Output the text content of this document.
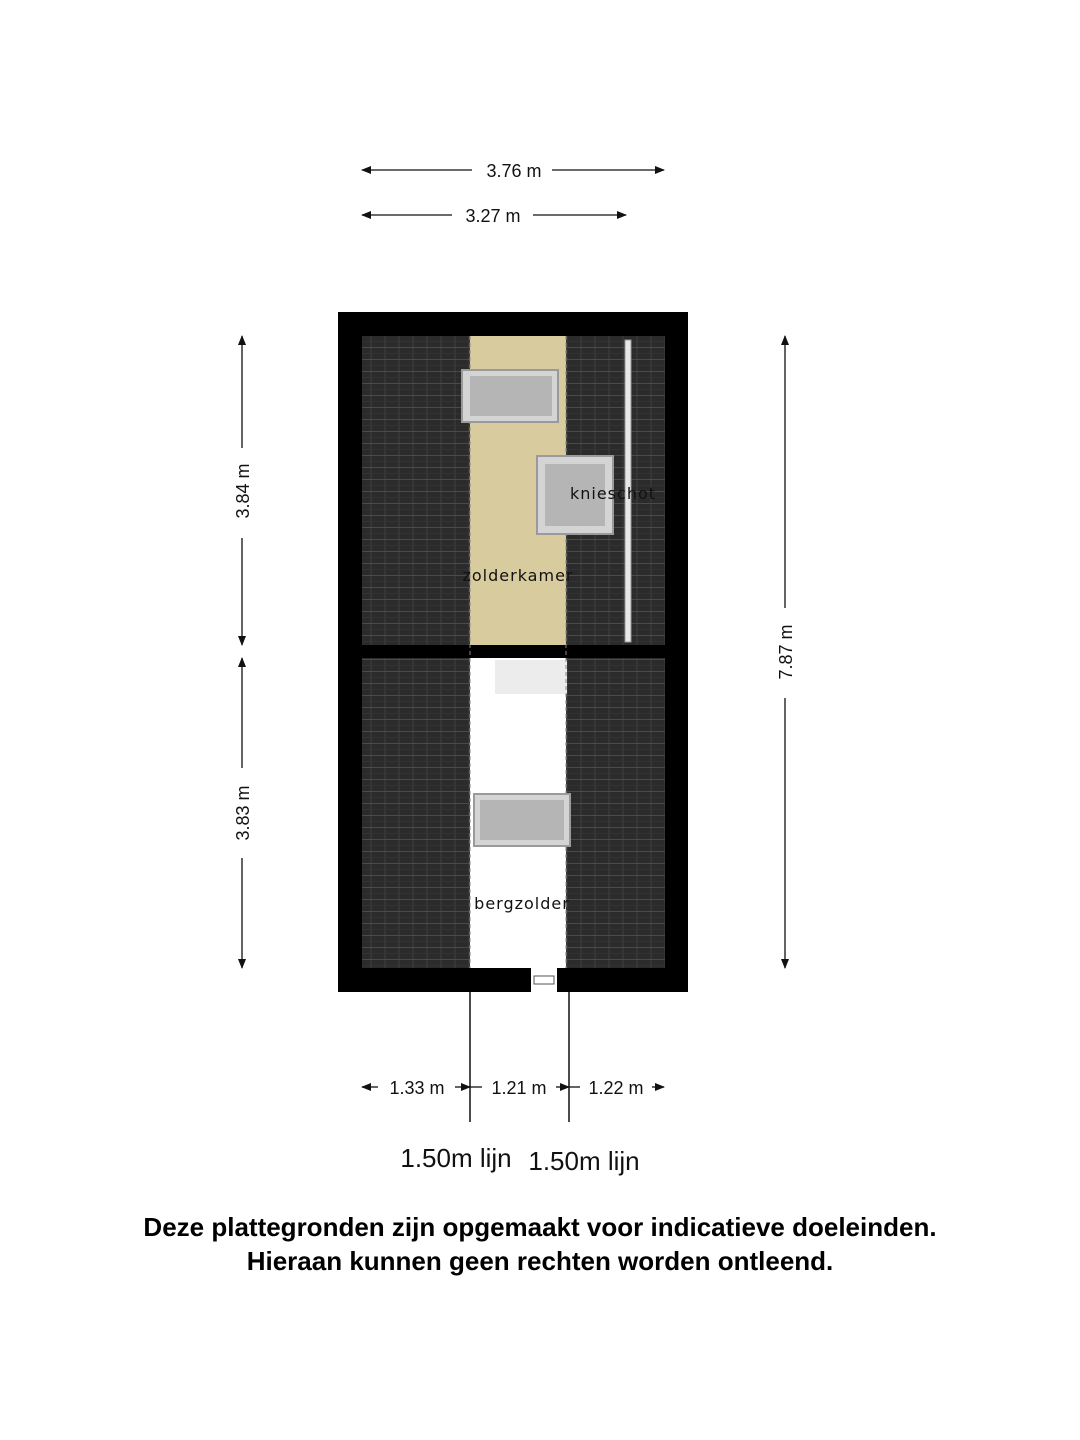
3.76 m
3.27 m
3.84 m
3.83 m
7.87 m
zolderkamer
bergzolder
knieschot
1.33 m	1.21 m 1.22 m
1.50m lijn 1.50m lijn
Deze plattegronden zijn opgemaakt voor indicatieve doeleinden.
Hieraan kunnen geen rechten worden ontleend.
